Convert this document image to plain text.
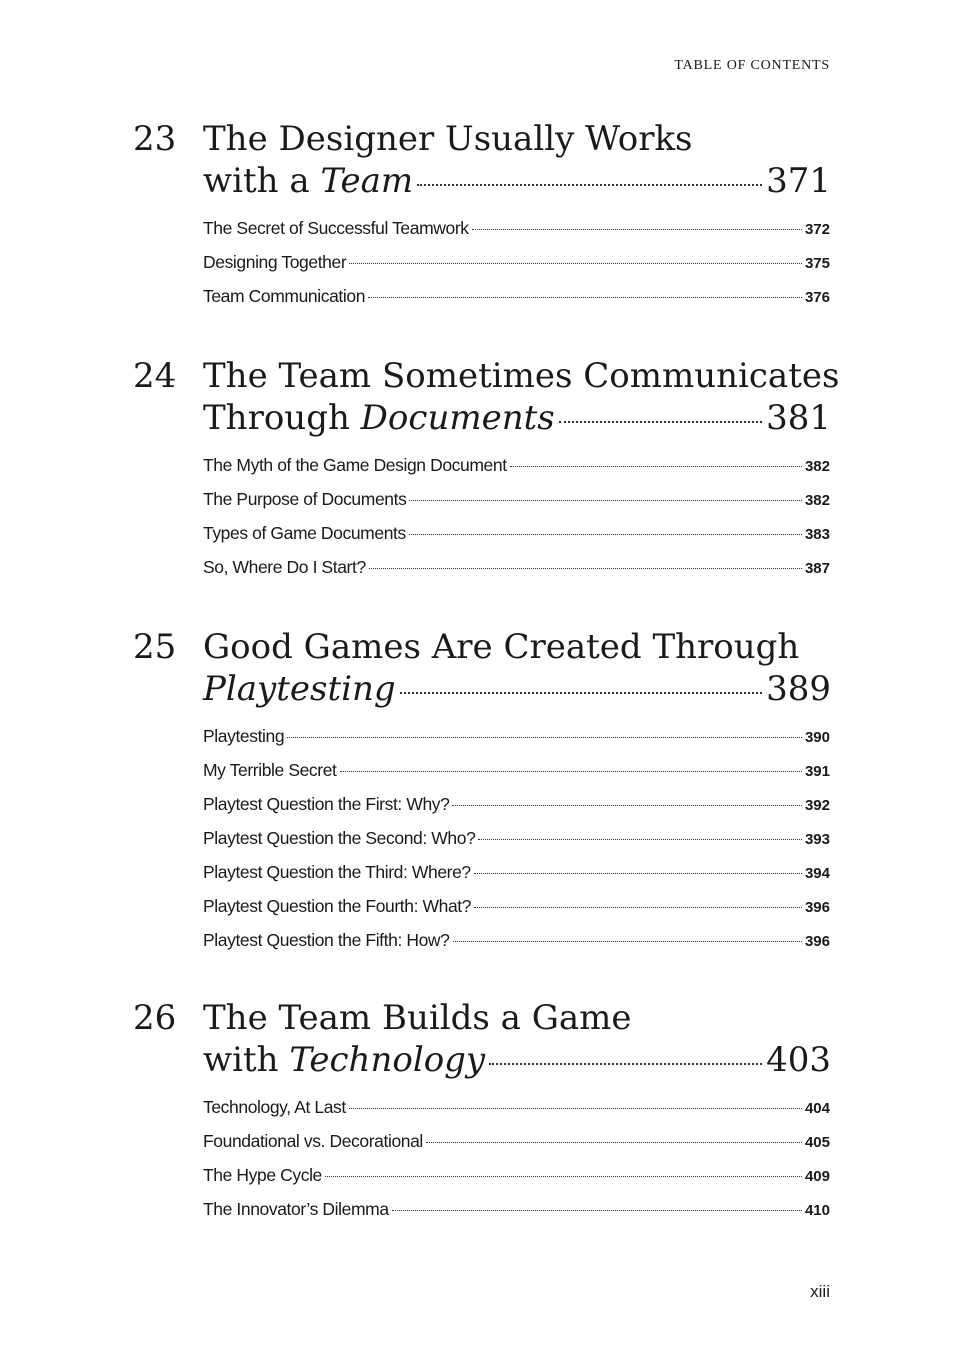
TABLE OF CONTENTS
23 The Designer Usually Works
with a Team	371
The Secret of Successful Teamwork	372
Designing Together	375
Team Communication	376
24 The Team Sometimes Communicates
Through Documents	381
The Myth of the Game Design Document	382
The Purpose of Documents	382
Types of Game Documents	383
So, Where Do I Start?	387
25 Good Games Are Created Through
Playtesting	389
Playtesting	390
My Terrible Secret	391
Playtest Question the First: Why?	392
Playtest Question the Second: Who?	393
Playtest Question the Third: Where?	394
Playtest Question the Fourth: What?	396
Playtest Question the Fifth: How?	396
26 The Team Builds a Game
with Technology	403
Technology, At Last	404
Foundational vs. Decorational	405
The Hype Cycle	409
The Innovator’s Dilemma	410
xiii
